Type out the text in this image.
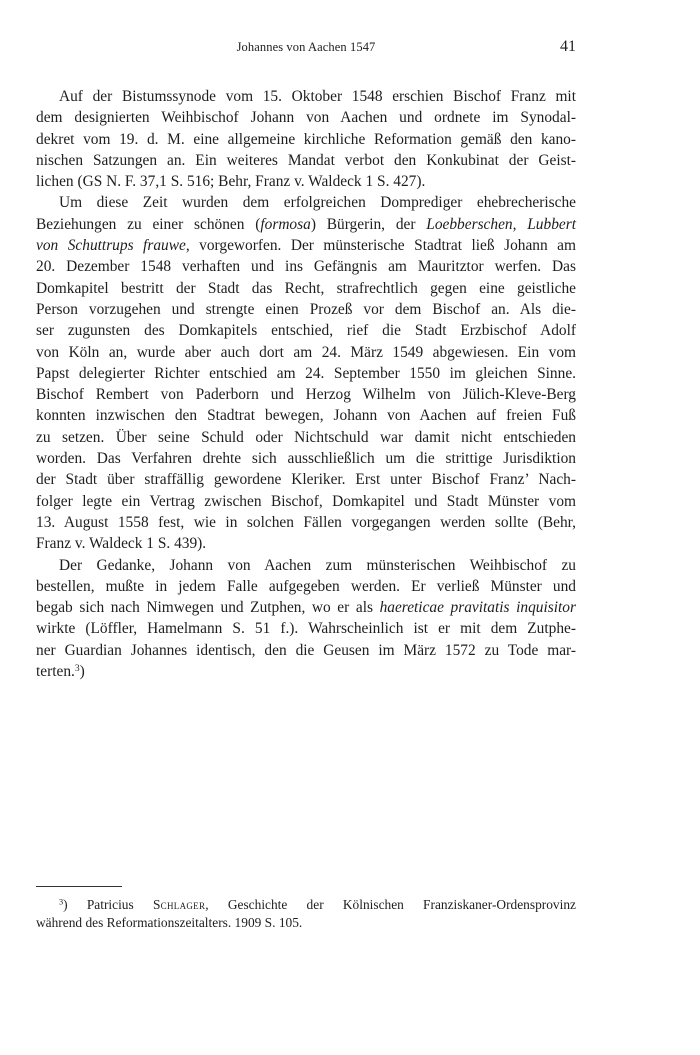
Johannes von Aachen 1547	41
Auf der Bistumssynode vom 15. Oktober 1548 erschien Bischof Franz mit
dem designierten Weihbischof Johann von Aachen und ordnete im Synodal-
dekret vom 19. d. M. eine allgemeine kirchliche Reformation gemäß den kano-
nischen Satzungen an. Ein weiteres Mandat verbot den Konkubinat der Geist-
lichen (GS N. F. 37,1 S. 516; Behr, Franz v. Waldeck 1 S. 427).
Um diese Zeit wurden dem erfolgreichen Domprediger ehebrecherische
Beziehungen zu einer schönen (formosa) Bürgerin, der Loebberschen, Lubbert
von Schuttrups frauwe, vorgeworfen. Der münsterische Stadtrat ließ Johann am
20. Dezember 1548 verhaften und ins Gefängnis am Mauritztor werfen. Das
Domkapitel bestritt der Stadt das Recht, strafrechtlich gegen eine geistliche
Person vorzugehen und strengte einen Prozeß vor dem Bischof an. Als die-
ser zugunsten des Domkapitels entschied, rief die Stadt Erzbischof Adolf
von Köln an, wurde aber auch dort am 24. März 1549 abgewiesen. Ein vom
Papst delegierter Richter entschied am 24. September 1550 im gleichen Sinne.
Bischof Rembert von Paderborn und Herzog Wilhelm von Jülich-Kleve-Berg
konnten inzwischen den Stadtrat bewegen, Johann von Aachen auf freien Fuß
zu setzen. Über seine Schuld oder Nichtschuld war damit nicht entschieden
worden. Das Verfahren drehte sich ausschließlich um die strittige Jurisdiktion
der Stadt über straffällig gewordene Kleriker. Erst unter Bischof Franz’ Nach-
folger legte ein Vertrag zwischen Bischof, Domkapitel und Stadt Münster vom
13. August 1558 fest, wie in solchen Fällen vorgegangen werden sollte (Behr,
Franz v. Waldeck 1 S. 439).
Der Gedanke, Johann von Aachen zum münsterischen Weihbischof zu
bestellen, mußte in jedem Falle aufgegeben werden. Er verließ Münster und
begab sich nach Nimwegen und Zutphen, wo er als haereticae pravitatis inquisitor
wirkte (Löffler, Hamelmann S. 51 f.). Wahrscheinlich ist er mit dem Zutphe-
ner Guardian Johannes identisch, den die Geusen im März 1572 zu Tode mar-
terten.$^3$)
$^3$) Patricius Schlager, Geschichte der Kölnischen Franziskaner-Ordensprovinz
während des Reformationszeitalters. 1909 S. 105.
